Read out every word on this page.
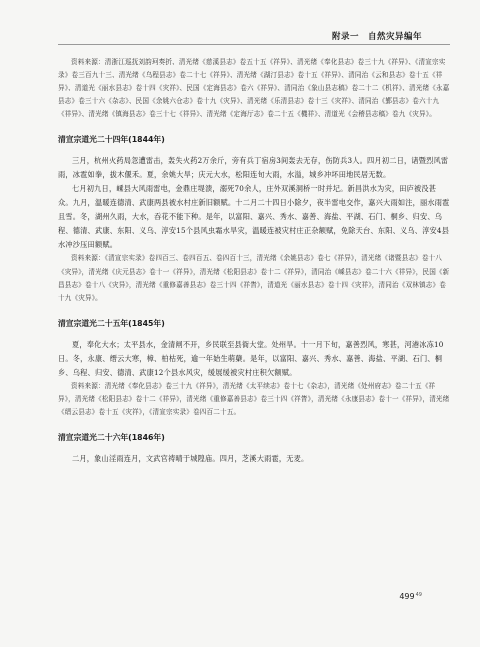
附录一　自然灾异编年

资料来源：清浙江巡抚刘韵珂奏折、清光绪《慈溪县志》卷五十五《祥异》、清光绪《奉化县志》卷三十九《祥异》、《清宣宗实录》卷三百九十三、清光绪《乌程县志》卷二十七《祥异》、清光绪《湖汀县志》卷十五《祥异》、清同治《云和县志》卷十五《祥异》、清道光《丽水县志》卷十四《灾祥》、民国《定海县志》卷六《祥异》、清同治《象山县志稿》卷二十二《机祥》、清光绪《永嘉县志》卷三十六《杂志》、民国《余姚六仓志》卷十九《灾异》、清光绪《乐清县志》卷十三《灾祥》、清同治《鄞县志》卷六十九《祥异》、清光绪《镇海县志》卷三十七《祥异》、清光绪《定海厅志》卷二十五《機祥》、清道光《会稽县志稿》卷九《灾异》。

清宣宗道光二十四年(1844年)

三月，杭州火药局忽遭雷击，轰失火药2万余斤，旁有兵丁宿房3间轰去无存，伤防兵3人。四月初二日，诸暨烈风雷雨，冰雹如拳，拔木偃禾。夏，余姚大旱；庆元大水，松阳连旬大雨，水溢，城乡冲坏田地民居无数。

七月初九日，嵊县大风雨雷电，金鼎庄堤溃，溺死70余人，庄外双溪洞桥一时并圮。新昌洪水为灾，田庐被没甚众。九月，温暖连德清、武康两县被水村庄新旧额赋。十二月二十四日小除夕，夜半雷电交作，嘉兴大雨如注，丽水雨雹且雪。冬，湖州久雨，大水，吞花不能下种。是年，以富阳、嘉兴、秀水、嘉善、海盐、平湖、石门、桐乡、归安、乌程、德清、武康、东阳、义乌、淳安15个县风虫霜水旱灾，温暖连被灾村庄正杂额赋，免除天台、东阳、义乌、淳安4县水冲沙压田额赋。

资料来源：《清宣宗实录》卷四百三、卷四百五、卷四百十三，清光绪《余姚县志》卷七《祥异》，清光绪《诸暨县志》卷十八《灾异》，清光绪《庆元县志》卷十一《祥异》，清光绪《松阳县志》卷十二《祥异》，清同治《嵊县志》卷二十六《祥异》，民国《新昌县志》卷十八《灾异》，清光绪《重修嘉善县志》卷三十四《祥眚》，清道光《丽水县志》卷十四《灾祥》，清同治《双林镇志》卷十九《灾异》。

清宣宗道光二十五年(1845年)

夏，奉化大水；太平县水，金清闸不开，乡民联至县衙大堂。处州旱。十一月下旬，嘉善烈风，寒甚，河港冰冻10日。冬，永康、缙云大寒，樟、柏枯死，逾一年始生萌蘖。是年，以富阳、嘉兴、秀水、嘉善、海盐、平湖、石门、桐乡、乌程、归安、德清、武康12个县水风灾，缓展缓被灾村庄积欠额赋。

资料来源：清光绪《奉化县志》卷三十九《祥异》，清光绪《太平续志》卷十七《杂志》，清光绪《处州府志》卷二十五《祥异》，清光绪《松阳县志》卷十二《祥异》，清光绪《重修嘉善县志》卷三十四《祥眚》，清光绪《永康县志》卷十一《祥异》，清光绪《缙云县志》卷十五《灾祥》，《清宣宗实录》卷四百二十五。

清宣宗道光二十六年(1846年)

二月，象山淫雨连月，文武官祷晴于城隍庙。四月，芝溪大雨雹，无麦。

$499^{49}$
